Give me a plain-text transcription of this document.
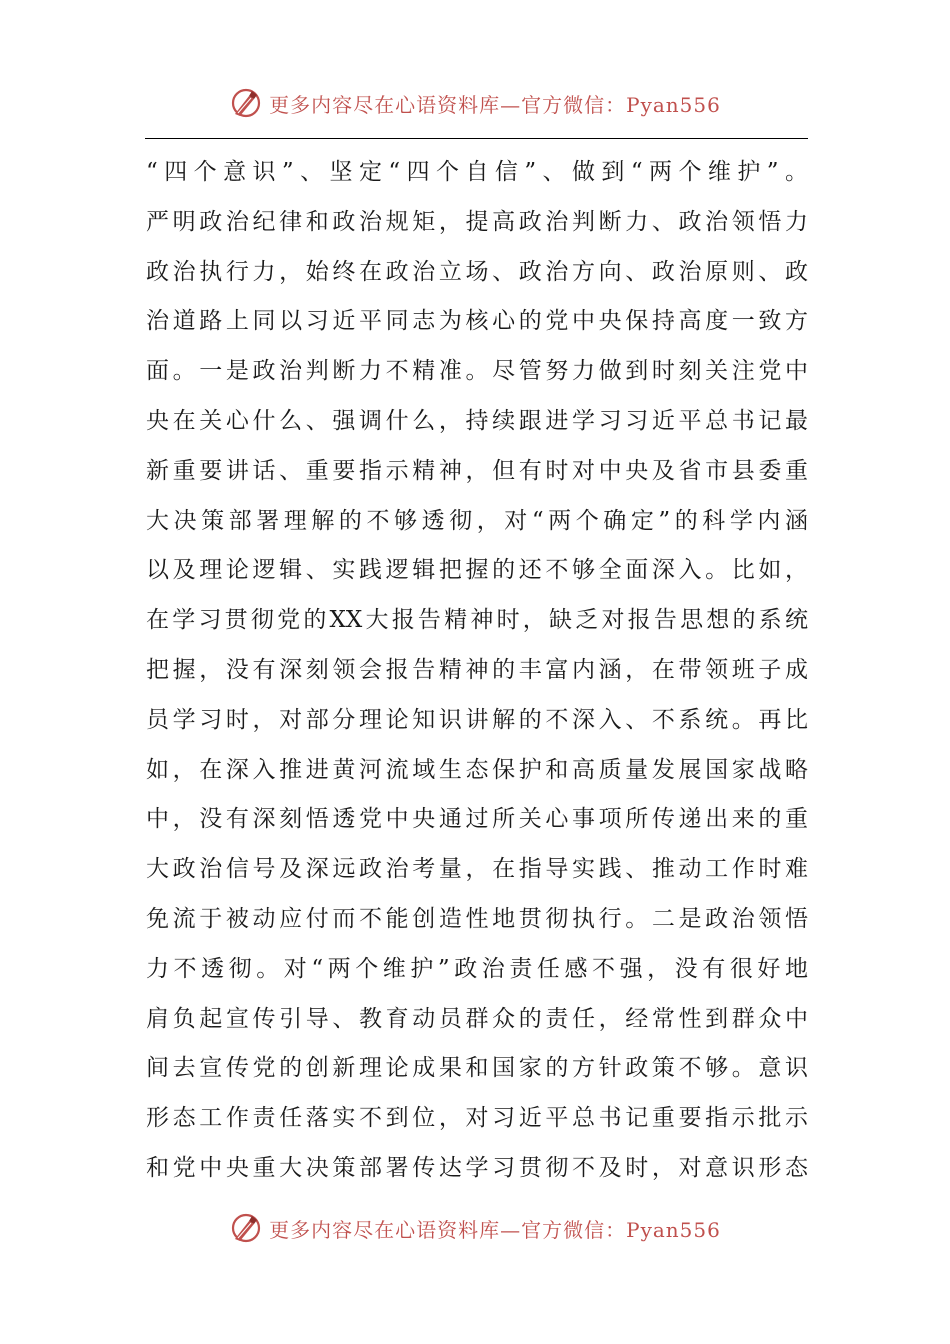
更多内容尽在心语资料库—官方微信：Pyan556
“四个意识”、坚定“四个自信”、做到“两个维护”。
严明政治纪律和政治规矩，提高政治判断力、政治领悟力
政治执行力，始终在政治立场、政治方向、政治原则、政
治道路上同以习近平同志为核心的党中央保持高度一致方
面。一是政治判断力不精准。尽管努力做到时刻关注党中
央在关心什么、强调什么，持续跟进学习习近平总书记最
新重要讲话、重要指示精神，但有时对中央及省市县委重
大决策部署理解的不够透彻，对“两个确定”的科学内涵
以及理论逻辑、实践逻辑把握的还不够全面深入。比如，
在学习贯彻党的XX大报告精神时，缺乏对报告思想的系统
把握，没有深刻领会报告精神的丰富内涵，在带领班子成
员学习时，对部分理论知识讲解的不深入、不系统。再比
如，在深入推进黄河流域生态保护和高质量发展国家战略
中，没有深刻悟透党中央通过所关心事项所传递出来的重
大政治信号及深远政治考量，在指导实践、推动工作时难
免流于被动应付而不能创造性地贯彻执行。二是政治领悟
力不透彻。对“两个维护”政治责任感不强，没有很好地
肩负起宣传引导、教育动员群众的责任，经常性到群众中
间去宣传党的创新理论成果和国家的方针政策不够。意识
形态工作责任落实不到位，对习近平总书记重要指示批示
和党中央重大决策部署传达学习贯彻不及时，对意识形态
更多内容尽在心语资料库—官方微信：Pyan556
